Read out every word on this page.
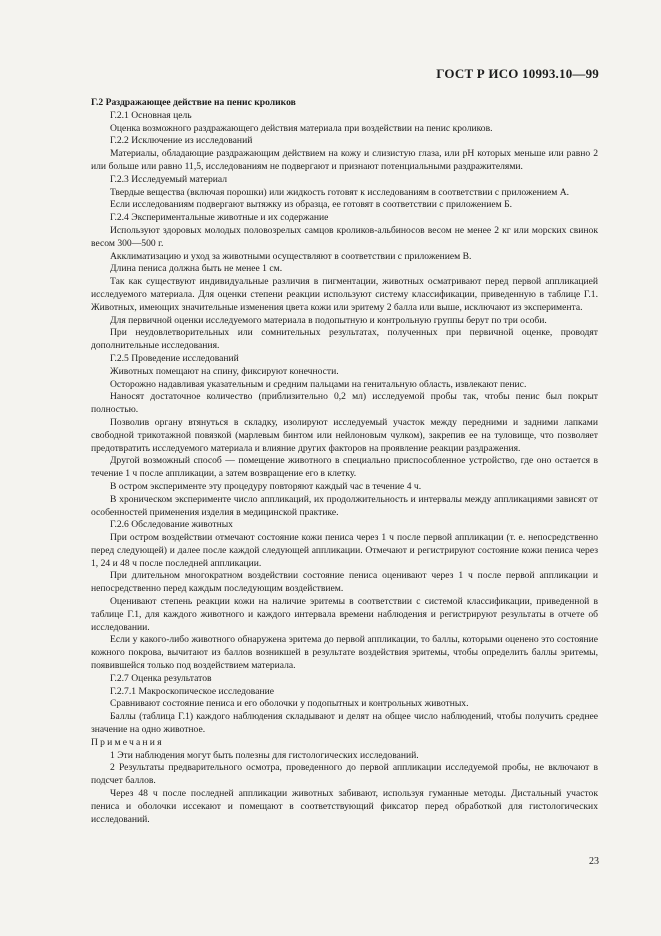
ГОСТ Р ИСО 10993.10—99

Г.2 Раздражающее действие на пенис кроликов

Г.2.1 Основная цель

Оценка возможного раздражающего действия материала при воздействии на пенис кроликов.

Г.2.2 Исключение из исследований

Материалы, обладающие раздражающим действием на кожу и слизистую глаза, или pH которых меньше или равно 2 или больше или равно 11,5, исследованиям не подвергают и признают потенциальными раздражителями.

Г.2.3 Исследуемый материал

Твердые вещества (включая порошки) или жидкость готовят к исследованиям в соответствии с приложением А.

Если исследованиям подвергают вытяжку из образца, ее готовят в соответствии с приложением Б.

Г.2.4 Экспериментальные животные и их содержание

Используют здоровых молодых половозрелых самцов кроликов-альбиносов весом не менее 2 кг или морских свинок весом 300—500 г.

Акклиматизацию и уход за животными осуществляют в соответствии с приложением В.

Длина пениса должна быть не менее 1 см.

Так как существуют индивидуальные различия в пигментации, животных осматривают перед первой аппликацией исследуемого материала. Для оценки степени реакции используют систему классификации, приведенную в таблице Г.1. Животных, имеющих значительные изменения цвета кожи или эритему 2 балла или выше, исключают из эксперимента.

Для первичной оценки исследуемого материала в подопытную и контрольную группы берут по три особи.

При неудовлетворительных или сомнительных результатах, полученных при первичной оценке, проводят дополнительные исследования.

Г.2.5 Проведение исследований

Животных помещают на спину, фиксируют конечности.

Осторожно надавливая указательным и средним пальцами на генитальную область, извлекают пенис.

Наносят достаточное количество (приблизительно 0,2 мл) исследуемой пробы так, чтобы пенис был покрыт полностью.

Позволив органу втянуться в складку, изолируют исследуемый участок между передними и задними лапками свободной трикотажной повязкой (марлевым бинтом или нейлоновым чулком), закрепив ее на туловище, что позволяет предотвратить исследуемого материала и влияние других факторов на проявление реакции раздражения.

Другой возможный способ — помещение животного в специально приспособленное устройство, где оно остается в течение 1 ч после аппликации, а затем возвращение его в клетку.

В остром эксперименте эту процедуру повторяют каждый час в течение 4 ч.

В хроническом эксперименте число аппликаций, их продолжительность и интервалы между аппликациями зависят от особенностей применения изделия в медицинской практике.

Г.2.6 Обследование животных

При остром воздействии отмечают состояние кожи пениса через 1 ч после первой аппликации (т. е. непосредственно перед следующей) и далее после каждой следующей аппликации. Отмечают и регистрируют состояние кожи пениса через 1, 24 и 48 ч после последней аппликации.

При длительном многократном воздействии состояние пениса оценивают через 1 ч после первой аппликации и непосредственно перед каждым последующим воздействием.

Оценивают степень реакции кожи на наличие эритемы в соответствии с системой классификации, приведенной в таблице Г.1, для каждого животного и каждого интервала времени наблюдения и регистрируют результаты в отчете об исследовании.

Если у какого-либо животного обнаружена эритема до первой аппликации, то баллы, которыми оценено это состояние кожного покрова, вычитают из баллов возникшей в результате воздействия эритемы, чтобы определить баллы эритемы, появившейся только под воздействием материала.

Г.2.7 Оценка результатов

Г.2.7.1 Макроскопическое исследование

Сравнивают состояние пениса и его оболочки у подопытных и контрольных животных.

Баллы (таблица Г.1) каждого наблюдения складывают и делят на общее число наблюдений, чтобы получить среднее значение на одно животное.

Примечания

1 Эти наблюдения могут быть полезны для гистологических исследований.

2 Результаты предварительного осмотра, проведенного до первой аппликации исследуемой пробы, не включают в подсчет баллов.

Через 48 ч после последней аппликации животных забивают, используя гуманные методы. Дистальный участок пениса и оболочки иссекают и помещают в соответствующий фиксатор перед обработкой для гистологических исследований.

23
